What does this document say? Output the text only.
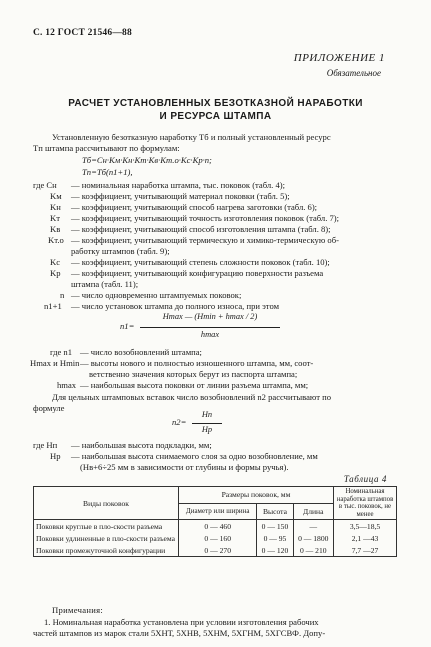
С. 12 ГОСТ 21546—88
ПРИЛОЖЕНИЕ 1
Обязательное
РАСЧЕТ УСТАНОВЛЕННЫХ БЕЗОТКАЗНОЙ НАРАБОТКИ
И РЕСУРСА ШТАМПА
Установленную безотказную наработку Tб и полный установленный ресурс
Tп штампа рассчитывают по формулам:
Tб=Cн·Kм·Kн·Kт·Kв·Kт.о·Kс·Kр·n;
Tп=Tб(n1+1),
где Cн — номинальная наработка штампа, тыс. поковок (табл. 4);
Kм — коэффициент, учитывающий материал поковки (табл. 5);
Kн — коэффициент, учитывающий способ нагрева заготовки (табл. 6);
Kт — коэффициент, учитывающий точность изготовления поковок (табл. 7);
Kв — коэффициент, учитывающий способ изготовления штампа (табл. 8);
Kт.о — коэффициент, учитывающий термическую и химико-термическую об-
работку штампов (табл. 9);
Kс — коэффициент, учитывающий степень сложности поковок (табл. 10);
Kр — коэффициент, учитывающий конфигурацию поверхности разъема
штампа (табл. 11);
n — число одновременно штампуемых поковок;
n1+1 — число установок штампа до полного износа, при этом
n1=
Hmax — (Hmin + hmax / 2)
hmax
где n1 — число возобновлений штампа;
Hmax и Hmin — высоты нового и полностью изношенного штампа, мм, соот-
ветственно значения которых берут из паспорта штампа;
hmax — наибольшая высота поковки от линии разъема штампа, мм;
Для цельных штамповых вставок число возобновлений n2 рассчитывают по
формуле
n2=
Hп
Hр
где Hп — наибольшая высота подкладки, мм;
Hр — наибольшая высота снимаемого слоя за одно возобновление, мм
(Hв+6÷25 мм в зависимости от глубины и формы ручья).
Таблица 4
Виды поковок	Размеры поковок, мм			Номинальная наработка штампов в тыс. поковок, не менее
	Диаметр или ширина	Высота	Длина	
Поковки круглые в пло-скости разъема	0 — 460	0 — 150	—	3,5—18,5
Поковки удлиненные в пло-скости разъема	0 — 160	0 — 95	0 — 1800	2,1 —43
Поковки промежуточной конфигурации	0 — 270	0 — 120	0 — 210	7,7 —27
Примечания:
1. Номинальная наработка установлена при условии изготовления рабочих
частей штампов из марок стали 5ХНТ, 5ХНВ, 5ХНМ, 5ХГНМ, 5ХГСВФ. Допу-
